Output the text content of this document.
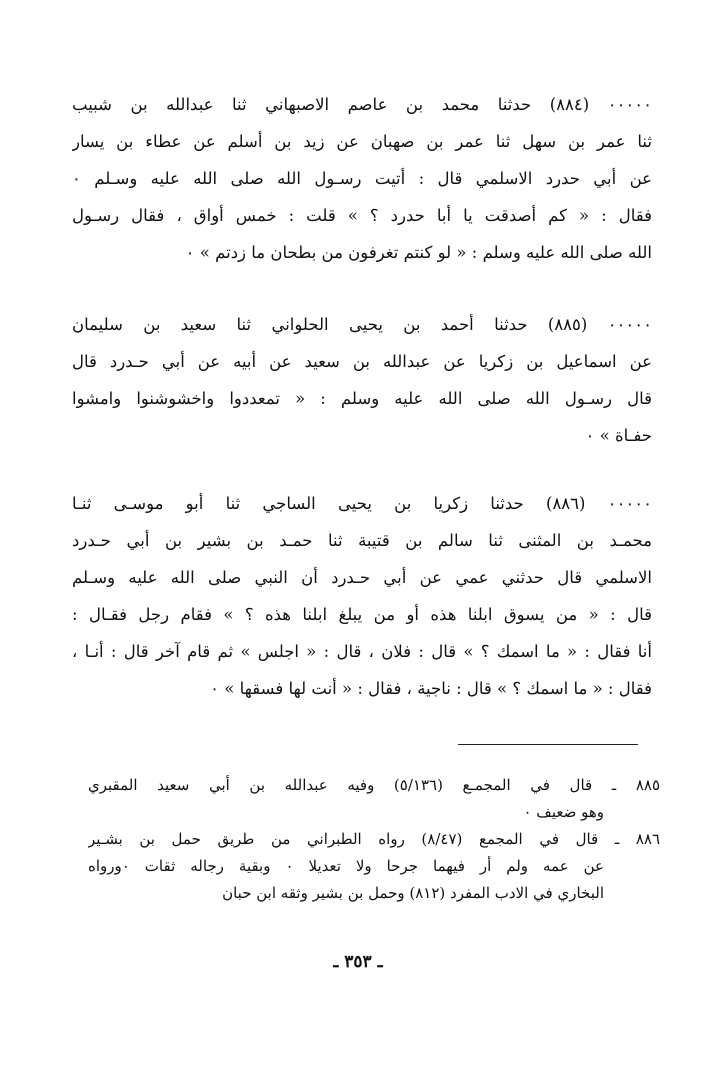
٠٠٠٠٠ (٨٨٤) حدثنا محمد بن عاصم الاصبهاني ثنا عبدالله بن شبيب
ثنا عمر بن سهل ثنا عمر بن صهبان عن زيد بن أسلم عن عطاء بن يسار
عن أبي حدرد الاسلمي قال : أتيت رسـول الله صلى الله عليه وسـلم ٠
فقال : « كم أصدقت يا أبا حدرد ؟ » قلت : خمس أواق ، فقال رسـول
الله صلى الله عليه وسلم : « لو كنتم تغرفون من بطحان ما زدتم » ٠
٠٠٠٠٠ (٨٨٥) حدثنا أحمد بن يحيى الحلواني ثنا سعيد بن سليمان
عن اسماعيل بن زكريا عن عبدالله بن سعيد عن أبيه عن أبي حـدرد قال
قال رسـول الله صلى الله عليه وسلم : « تمعددوا واخشوشنوا وامشوا
حفـاة » ٠
٠٠٠٠٠ (٨٨٦) حدثنا زكريا بن يحيى الساجي ثنا أبو موسـى ثنـا
محمـد بن المثنى ثنا سالم بن قتيبة ثنا حمـد بن بشير بن أبي حـدرد
الاسلمي قال حدثني عمي عن أبي حـدرد أن النبي صلى الله عليه وسـلم
قال : « من يسوق ابلنا هذه أو من يبلغ ابلنا هذه ؟ » فقام رجل فقـال :
أنا فقال : « ما اسمك ؟ » قال : فلان ، قال : « اجلس » ثم قام آخر قال : أنـا ،
فقال : « ما اسمك ؟ » قال : ناجية ، فقال : « أنت لها فسقها » ٠
٨٨٥ ـ قال في المجمـع (٥/١٣٦) وفيه عبدالله بن أبي سعيد المقبري
وهو ضعيف ٠
٨٨٦ ـ قال في المجمع (٨/٤٧) رواه الطبراني من طريق حمل بن بشـير
عن عمه ولم أر فيهما جرحا ولا تعديلا ٠ وبقية رجاله ثقات ٠ورواه
البخاري في الادب المفرد (٨١٢) وحمل بن بشير وثقه ابن حبان
ـ ٣٥٣ ـ
